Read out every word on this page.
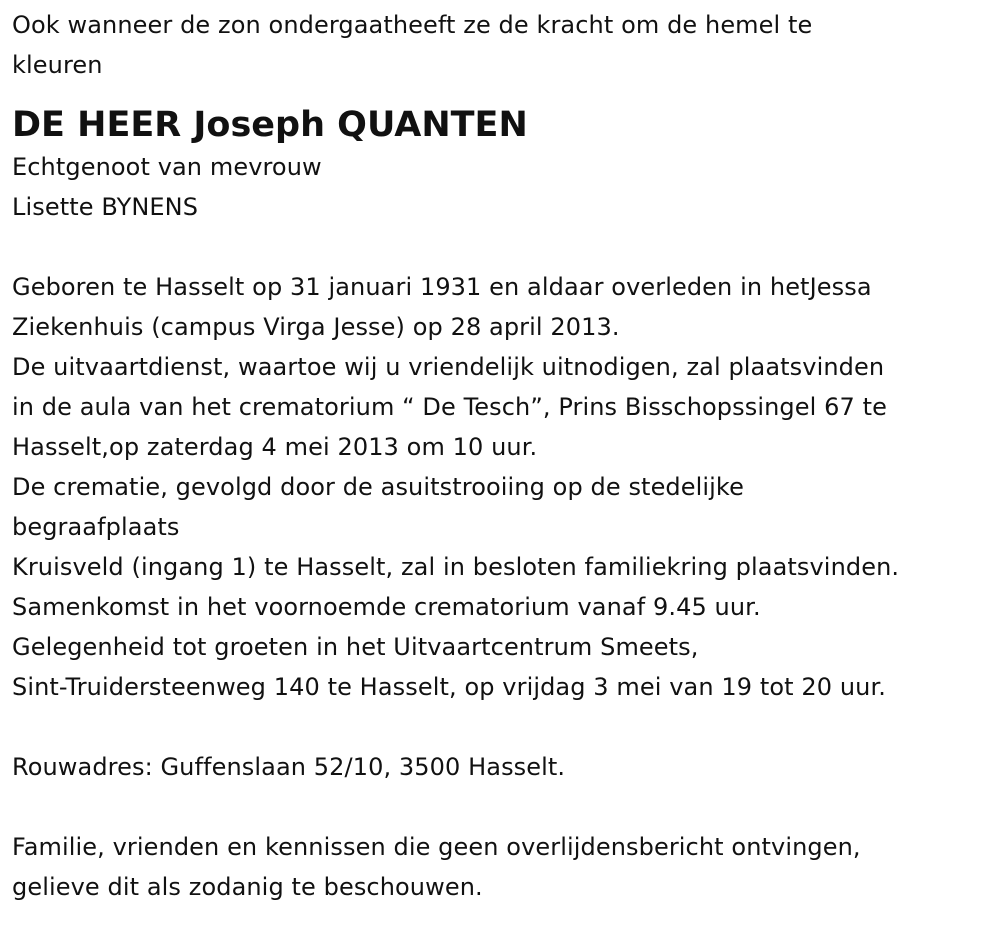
Ook wanneer de zon ondergaatheeft ze de kracht om de hemel te
kleuren
DE HEER Joseph QUANTEN
Echtgenoot van mevrouw
Lisette BYNENS
Geboren te Hasselt op 31 januari 1931 en aldaar overleden in hetJessa
Ziekenhuis (campus Virga Jesse) op 28 april 2013.
De uitvaartdienst, waartoe wij u vriendelijk uitnodigen, zal plaatsvinden
in de aula van het crematorium “ De Tesch”, Prins Bisschopssingel 67 te
Hasselt,op zaterdag 4 mei 2013 om 10 uur.
De crematie, gevolgd door de asuitstrooiing op de stedelijke
begraafplaats
Kruisveld (ingang 1) te Hasselt, zal in besloten familiekring plaatsvinden.
Samenkomst in het voornoemde crematorium vanaf 9.45 uur.
Gelegenheid tot groeten in het Uitvaartcentrum Smeets,
Sint-Truidersteenweg 140 te Hasselt, op vrijdag 3 mei van 19 tot 20 uur.
Rouwadres: Guffenslaan 52/10, 3500 Hasselt.
Familie, vrienden en kennissen die geen overlijdensbericht ontvingen,
gelieve dit als zodanig te beschouwen.
